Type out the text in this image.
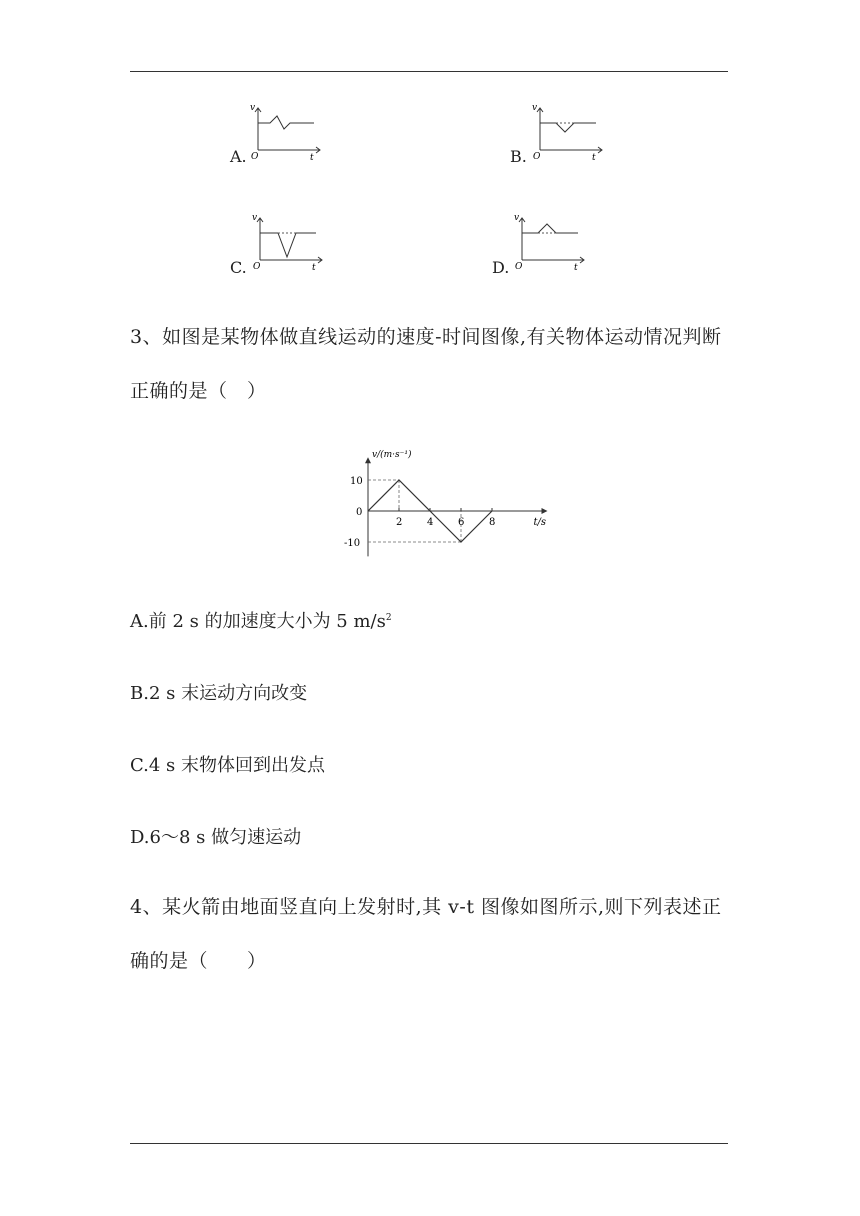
A.
v
t
O	B.
v
t
O
C.
v
t
O	D.
v
t
O
3、如图是某物体做直线运动的速度-时间图像,有关物体运动情况判断正确的是（　）
2 4 6 8
10
0
-10
v/(m·s⁻¹)
t/s
A.前 2 s 的加速度大小为 5 $m/s^2$
B.2 s 末运动方向改变
C.4 s 末物体回到出发点
D.6～8 s 做匀速运动
4、某火箭由地面竖直向上发射时,其 v-t 图像如图所示,则下列表述正确的是（　　）
